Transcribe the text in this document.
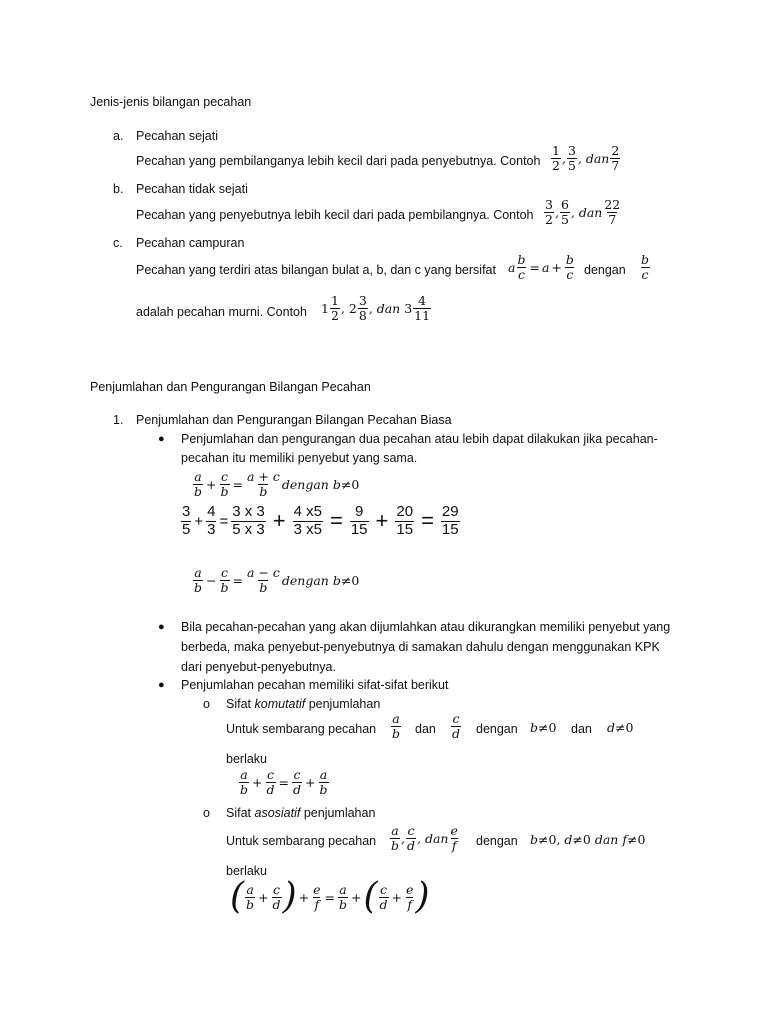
Jenis-jenis bilangan pecahan
a. Pecahan sejati
Pecahan yang pembilanganya lebih kecil dari pada penyebutnya. Contoh
1
2 ,
3
5 , dan
2
7
b. Pecahan tidak sejati
Pecahan yang penyebutnya lebih kecil dari pada pembilangnya. Contoh
3
2 ,
6
5 , dan
22
7
c. Pecahan campuran
Pecahan yang terdiri atas bilangan bulat a, b, dan c yang bersifat a $\frac{b}{c} = a + \frac{b}{c}$ dengan
b
c
adalah pecahan murni. Contoh 1
1
2 , 2
3
8 , dan
3
4
11
Penjumlahan dan Pengurangan Bilangan Pecahan
1. Penjumlahan dan Pengurangan Bilangan Pecahan Biasa
● Penjumlahan dan pengurangan dua pecahan atau lebih dapat dilakukan jika pecahan-
pecahan itu memiliki penyebut yang sama.
a
$b + \frac{c}{b} = \frac{a + c}{b}$ dengan
b ≠ 0
3
$5 + \frac{4}{3} = \frac{3 x 3}{5 x 3} + \frac{4 x5}{3 x5} = \frac{9}{15} + \frac{20}{15} = \frac{29}{15}$
a
$b - \frac{c}{b} = \frac{a - c}{b}$ dengan
b ≠ 0
● Bila pecahan-pecahan yang akan dijumlahkan atau dikurangkan memiliki penyebut yang
berbeda, maka penyebut-penyebutnya di samakan dahulu dengan menggunakan KPK
dari penyebut-penyebutnya.
● Penjumlahan pecahan memiliki sifat-sifat berikut
o Sifat komutatif penjumlahan
Untuk sembarang pecahan
a
b dan
c
d dengan b≠0 dan d≠0
berlaku
a
$b + \frac{c}{d} = \frac{c}{d} + \frac{a}{b}$
o Sifat asosiatif penjumlahan
Untuk sembarang pecahan
a
b ,
c
d , dan
e
f dengan b≠0, d≠0 dan f≠0
berlaku
( a
$b + \frac{c}{d}$ ) + $\frac{e}{f} = \frac{a}{b}$ + ( c
$d + \frac{e}{f}$ )
